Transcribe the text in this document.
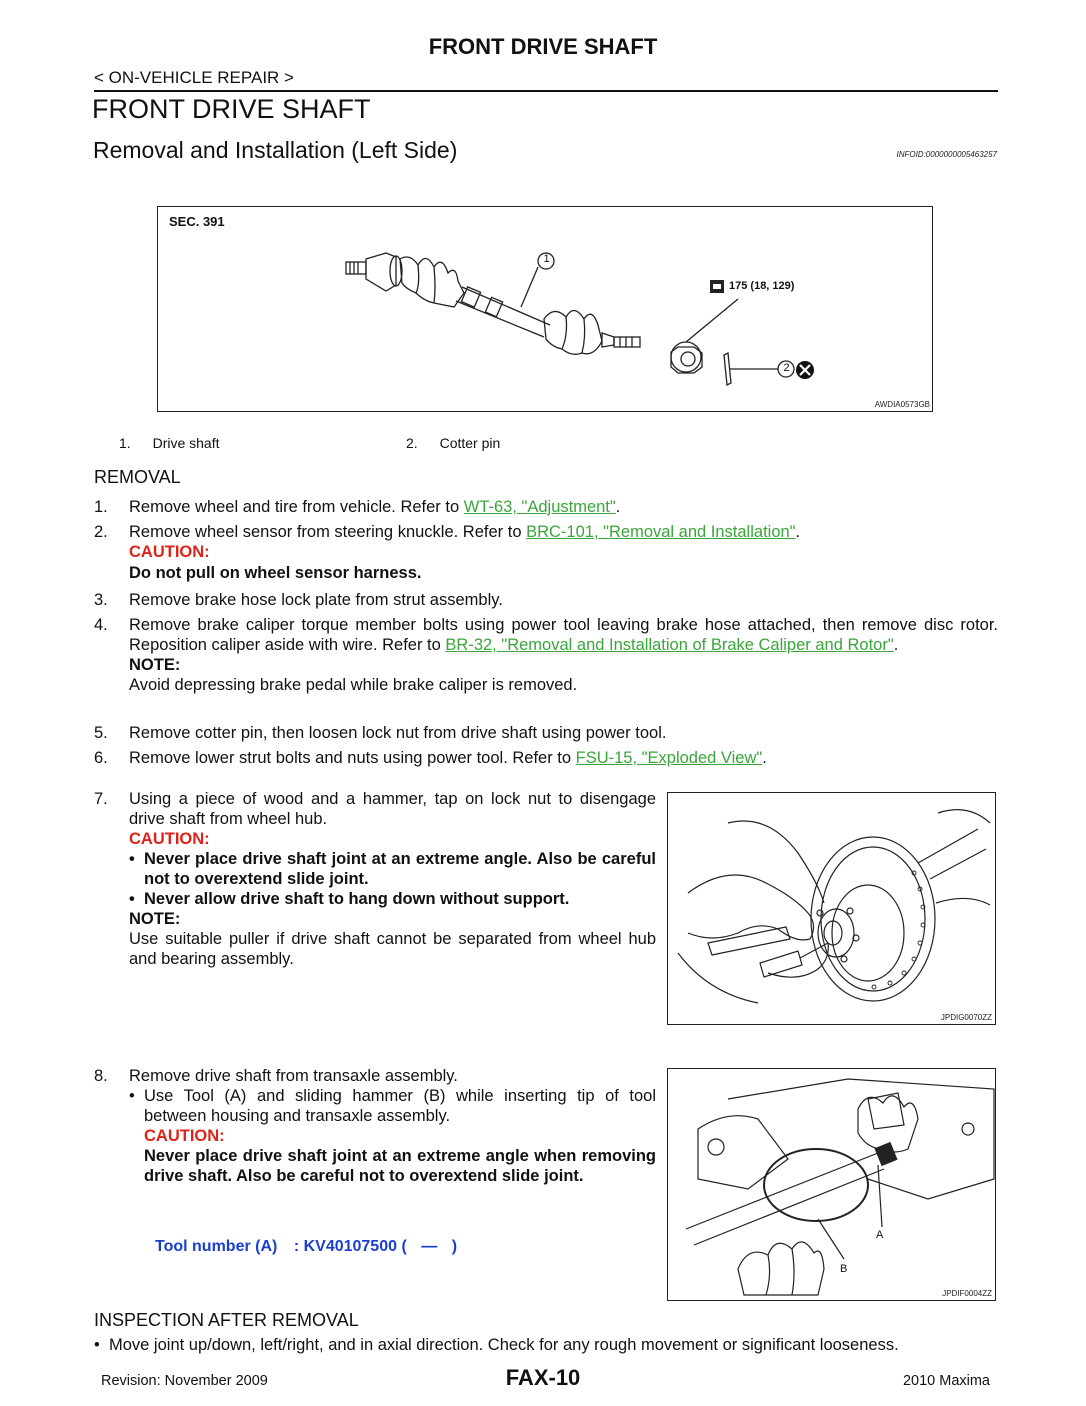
FRONT DRIVE SHAFT
< ON-VEHICLE REPAIR >
FRONT DRIVE SHAFT
Removal and Installation (Left Side)	INFOID:0000000005463257
SEC. 391
1
2
175 (18, 129)
AWDIA0573GB
1. Drive shaft	2. Cotter pin
REMOVAL
1. Remove wheel and tire from vehicle. Refer to WT-63, "Adjustment".
2. Remove wheel sensor from steering knuckle. Refer to BRC-101, "Removal and Installation".
CAUTION:
Do not pull on wheel sensor harness.
3. Remove brake hose lock plate from strut assembly.
4. Remove brake caliper torque member bolts using power tool leaving brake hose attached, then remove disc rotor. Reposition caliper aside with wire. Refer to BR-32, "Removal and Installation of Brake Caliper and Rotor".
NOTE:
Avoid depressing brake pedal while brake caliper is removed.
5. Remove cotter pin, then loosen lock nut from drive shaft using power tool.
6. Remove lower strut bolts and nuts using power tool. Refer to FSU-15, "Exploded View".
7. Using a piece of wood and a hammer, tap on lock nut to disengage drive shaft from wheel hub.
CAUTION:
• Never place drive shaft joint at an extreme angle. Also be careful not to overextend slide joint.
• Never allow drive shaft to hang down without support.
NOTE:
Use suitable puller if drive shaft cannot be separated from wheel hub and bearing assembly.
JPDIG0070ZZ
8. Remove drive shaft from transaxle assembly.
• Use Tool (A) and sliding hammer (B) while inserting tip of tool between housing and transaxle assembly.
CAUTION:
Never place drive shaft joint at an extreme angle when removing drive shaft. Also be careful not to overextend slide joint.
Tool number (A) : KV40107500 ( — )
A
B
JPDIF0004ZZ
INSPECTION AFTER REMOVAL
• Move joint up/down, left/right, and in axial direction. Check for any rough movement or significant looseness.
Revision: November 2009	FAX-10	2010 Maxima
